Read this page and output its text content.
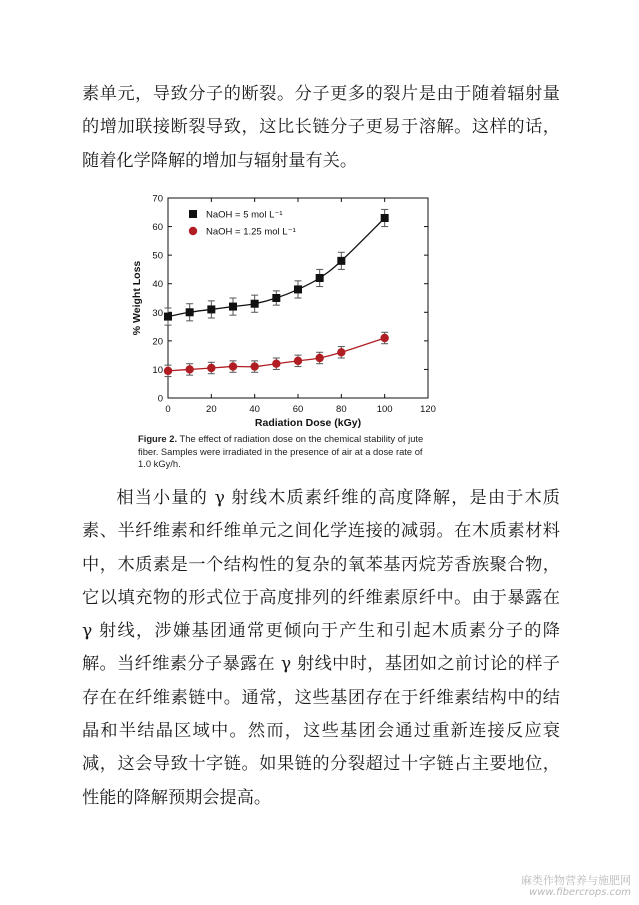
素单元，导致分子的断裂。分子更多的裂片是由于随着辐射量的增加联接断裂导致，这比长链分子更易于溶解。这样的话，随着化学降解的增加与辐射量有关。

0	20	40	60	80	100	120
0
10
20
30
40
50
60
70
NaOH = 5 mol L⁻¹
NaOH = 1.25 mol L⁻¹
Radiation Dose (kGy)
% Weight Loss
Figure 2. The effect of radiation dose on the chemical stability of jute fiber. Samples were irradiated in the presence of air at a dose rate of 1.0 kGy/h.

相当小量的 γ 射线木质素纤维的高度降解，是由于木质素、半纤维素和纤维单元之间化学连接的减弱。在木质素材料中，木质素是一个结构性的复杂的氧苯基丙烷芳香族聚合物，它以填充物的形式位于高度排列的纤维素原纤中。由于暴露在 γ 射线，涉嫌基团通常更倾向于产生和引起木质素分子的降解。当纤维素分子暴露在 γ 射线中时，基团如之前讨论的样子存在在纤维素链中。通常，这些基团存在于纤维素结构中的结晶和半结晶区域中。然而，这些基团会通过重新连接反应衰减，这会导致十字链。如果链的分裂超过十字链占主要地位，性能的降解预期会提高。

麻类作物营养与施肥网
www.fibercrops.com
